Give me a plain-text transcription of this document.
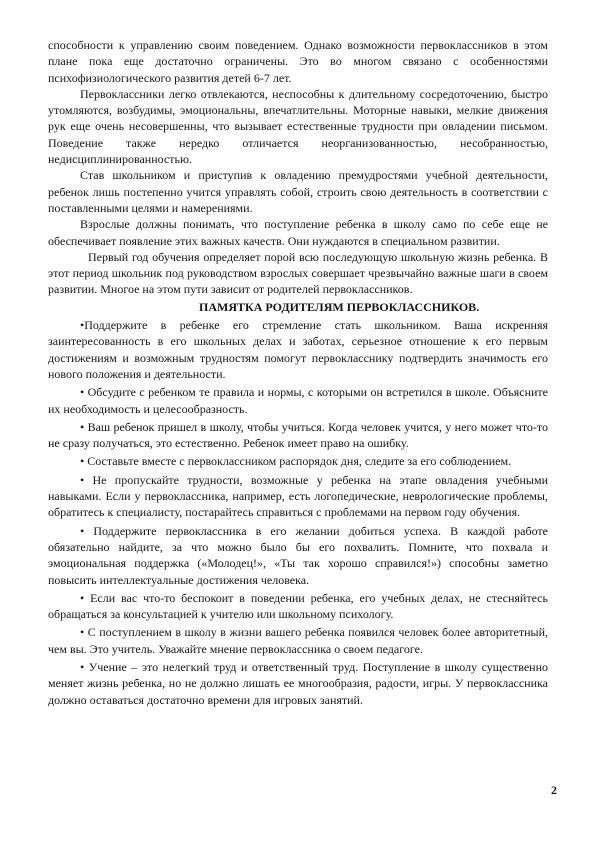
способности к управлению своим поведением. Однако возможности первоклассников в этом плане пока еще достаточно ограничены. Это во многом связано с особенностями психофизиологического развития детей 6-7 лет.

Первоклассники легко отвлекаются, неспособны к длительному сосредоточению, быстро утомляются, возбудимы, эмоциональны, впечатлительны. Моторные навыки, мелкие движения рук еще очень несовершенны, что вызывает естественные трудности при овладении письмом. Поведение также нередко отличается неорганизованностью, несобранностью, недисциплинированностью.

Став школьником и приступив к овладению премудростями учебной деятельности, ребенок лишь постепенно учится управлять собой, строить свою деятельность в соответствии с поставленными целями и намерениями.

Взрослые должны понимать, что поступление ребенка в школу само по себе еще не обеспечивает появление этих важных качеств. Они нуждаются в специальном развитии.

Первый год обучения определяет порой всю последующую школьную жизнь ребенка. В этот период школьник под руководством взрослых совершает чрезвычайно важные шаги в своем развитии. Многое на этом пути зависит от родителей первоклассников.

ПАМЯТКА РОДИТЕЛЯМ ПЕРВОКЛАССНИКОВ.

•Поддержите в ребенке его стремление стать школьником. Ваша искренняя заинтересованность в его школьных делах и заботах, серьезное отношение к его первым достижениям и возможным трудностям помогут первокласснику подтвердить значимость его нового положения и деятельности.

• Обсудите с ребенком те правила и нормы, с которыми он встретился в школе. Объясните их необходимость и целесообразность.

• Ваш ребенок пришел в школу, чтобы учиться. Когда человек учится, у него может что-то не сразу получаться, это естественно. Ребенок имеет право на ошибку.

• Составьте вместе с первоклассником распорядок дня, следите за его соблюдением.

• Не пропускайте трудности, возможные у ребенка на этапе овладения учебными навыками. Если у первоклассника, например, есть логопедические, неврологические проблемы, обратитесь к специалисту, постарайтесь справиться с проблемами на первом году обучения.

• Поддержите первоклассника в его желании добиться успеха. В каждой работе обязательно найдите, за что можно было бы его похвалить. Помните, что похвала и эмоциональная поддержка («Молодец!», «Ты так хорошо справился!») способны заметно повысить интеллектуальные достижения человека.

• Если вас что-то беспокоит в поведении ребенка, его учебных делах, не стесняйтесь обращаться за консультацией к учителю или школьному психологу.

• С поступлением в школу в жизни вашего ребенка появился человек более авторитетный, чем вы. Это учитель. Уважайте мнение первоклассника о своем педагоге.

• Учение – это нелегкий труд и ответственный труд. Поступление в школу существенно меняет жизнь ребенка, но не должно лишать ее многообразия, радости, игры. У первоклассника должно оставаться достаточно времени для игровых занятий.

2
